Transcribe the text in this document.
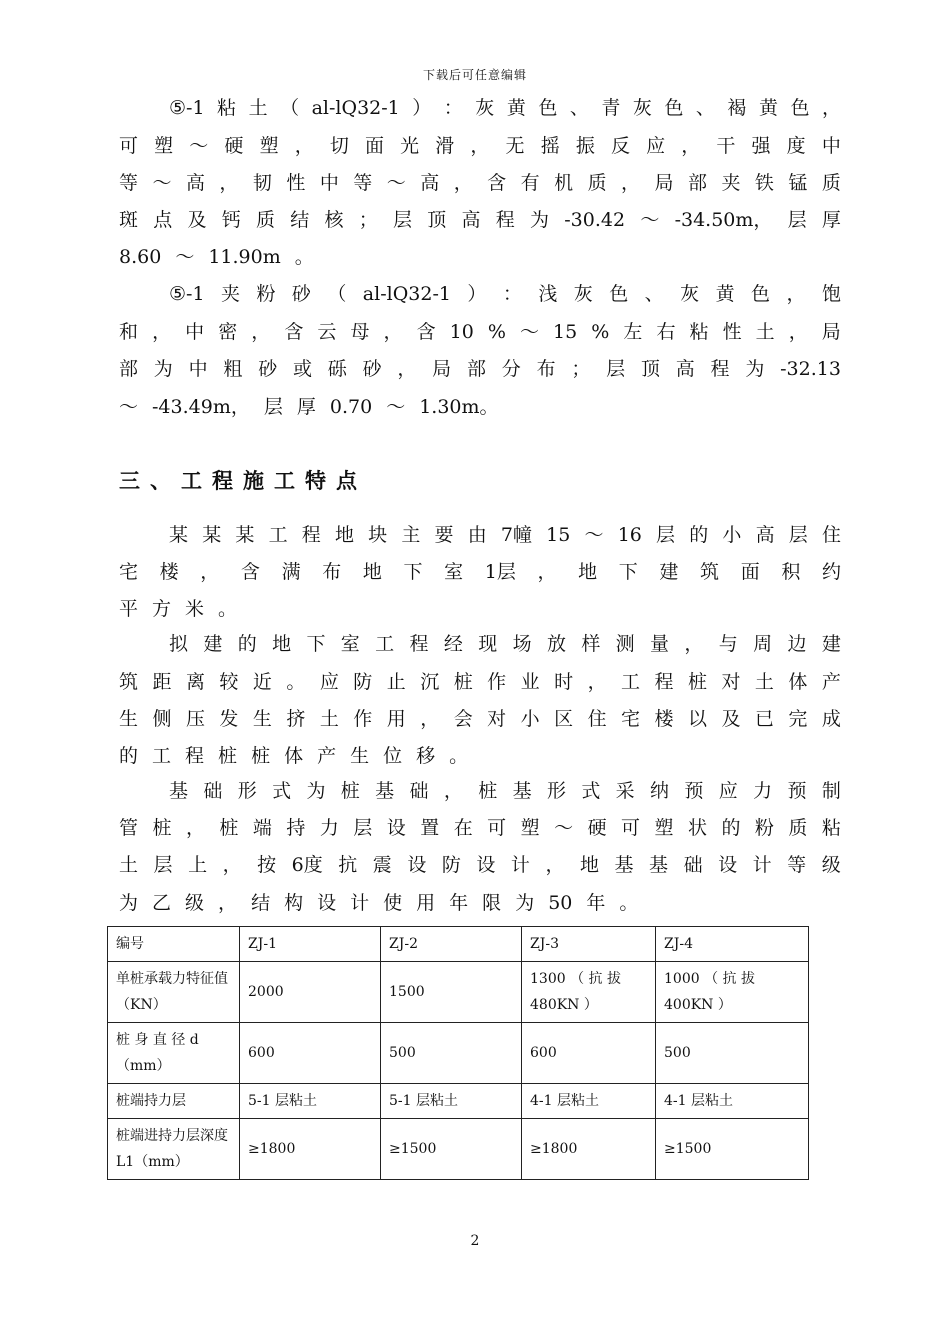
下载后可任意编辑
⑤-1 粘 土 （ al-lQ32-1 ） ： 灰 黄 色 、 青 灰 色 、 褐 黄 色 ，
可 塑 ～ 硬 塑 ， 切 面 光 滑 ， 无 摇 振 反 应 ， 干 强 度 中
等 ～ 高 ， 韧 性 中 等 ～ 高 ， 含 有 机 质 ， 局 部 夹 铁 锰 质
斑 点 及 钙 质 结 核 ； 层 顶 高 程 为 -30.42 ～ -34.50m， 层 厚
8.60 ～ 11.90m 。
⑤-1 夹 粉 砂 （ al-lQ32-1 ） ： 浅 灰 色 、 灰 黄 色 ， 饱
和 ， 中 密 ， 含 云 母 ， 含 10 % ～ 15 % 左 右 粘 性 土 ， 局
部 为 中 粗 砂 或 砾 砂 ， 局 部 分 布 ； 层 顶 高 程 为 -32.13
～ -43.49m， 层 厚 0.70 ～ 1.30m。
某 某 某 工 程 地 块 主 要 由 7幢 15 ～ 16 层 的 小 高 层 住
宅 楼 ， 含 满 布 地 下 室 1层 ， 地 下 建 筑 面 积 约
平 方 米 。
拟 建 的 地 下 室 工 程 经 现 场 放 样 测 量 ， 与 周 边 建
筑 距 离 较 近 。 应 防 止 沉 桩 作 业 时 ， 工 程 桩 对 土 体 产
生 侧 压 发 生 挤 土 作 用 ， 会 对 小 区 住 宅 楼 以 及 已 完 成
的 工 程 桩 桩 体 产 生 位 移 。
基 础 形 式 为 桩 基 础 ， 桩 基 形 式 采 纳 预 应 力 预 制
管 桩 ， 桩 端 持 力 层 设 置 在 可 塑 ～ 硬 可 塑 状 的 粉 质 粘
土 层 上 ， 按 6度 抗 震 设 防 设 计 ， 地 基 基 础 设 计 等 级
为 乙 级 ， 结 构 设 计 使 用 年 限 为 50 年 。
三、工程施工特点
编号	ZJ-1	ZJ-2	ZJ-3	ZJ-4
单桩承载力特征值（KN）	2000	1500	1300 （ 抗 拔 480KN ）	1000 （ 抗 拔 400KN ）
桩 身 直 径 d （mm）	600	500	600	500
桩端持力层	5-1 层粘土	5-1 层粘土	4-1 层粘土	4-1 层粘土
桩端进持力层深度L1（mm）	≥1800	≥1500	≥1800	≥1500
2
